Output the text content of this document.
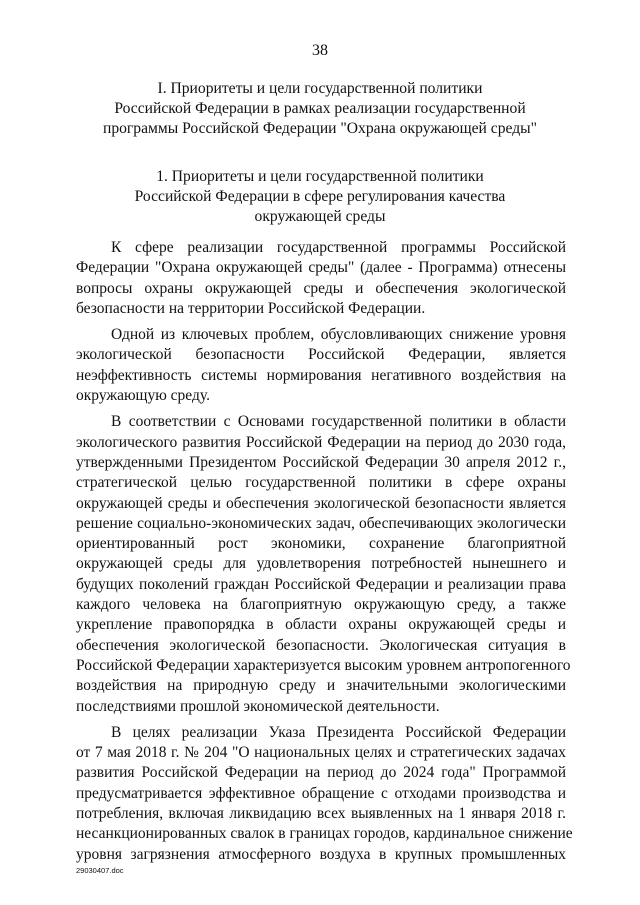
38
I. Приоритеты и цели государственной политики
Российской Федерации в рамках реализации государственной
программы Российской Федерации "Охрана окружающей среды"
1. Приоритеты и цели государственной политики
Российской Федерации в сфере регулирования качества
окружающей среды
К сфере реализации государственной программы Российской
Федерации "Охрана окружающей среды" (далее - Программа) отнесены
вопросы охраны окружающей среды и обеспечения экологической
безопасности на территории Российской Федерации.
Одной из ключевых проблем, обусловливающих снижение уровня
экологической безопасности Российской Федерации, является
неэффективность системы нормирования негативного воздействия на
окружающую среду.
В соответствии с Основами государственной политики в области
экологического развития Российской Федерации на период до 2030 года,
утвержденными Президентом Российской Федерации 30 апреля 2012 г.,
стратегической целью государственной политики в сфере охраны
окружающей среды и обеспечения экологической безопасности является
решение социально-экономических задач, обеспечивающих экологически
ориентированный рост экономики, сохранение благоприятной
окружающей среды для удовлетворения потребностей нынешнего и
будущих поколений граждан Российской Федерации и реализации права
каждого человека на благоприятную окружающую среду, а также
укрепление правопорядка в области охраны окружающей среды и
обеспечения экологической безопасности. Экологическая ситуация в
Российской Федерации характеризуется высоким уровнем антропогенного
воздействия на природную среду и значительными экологическими
последствиями прошлой экономической деятельности.
В целях реализации Указа Президента Российской Федерации
от 7 мая 2018 г. № 204 "О национальных целях и стратегических задачах
развития Российской Федерации на период до 2024 года" Программой
предусматривается эффективное обращение с отходами производства и
потребления, включая ликвидацию всех выявленных на 1 января 2018 г.
несанкционированных свалок в границах городов, кардинальное снижение
уровня загрязнения атмосферного воздуха в крупных промышленных
29030407.doc
